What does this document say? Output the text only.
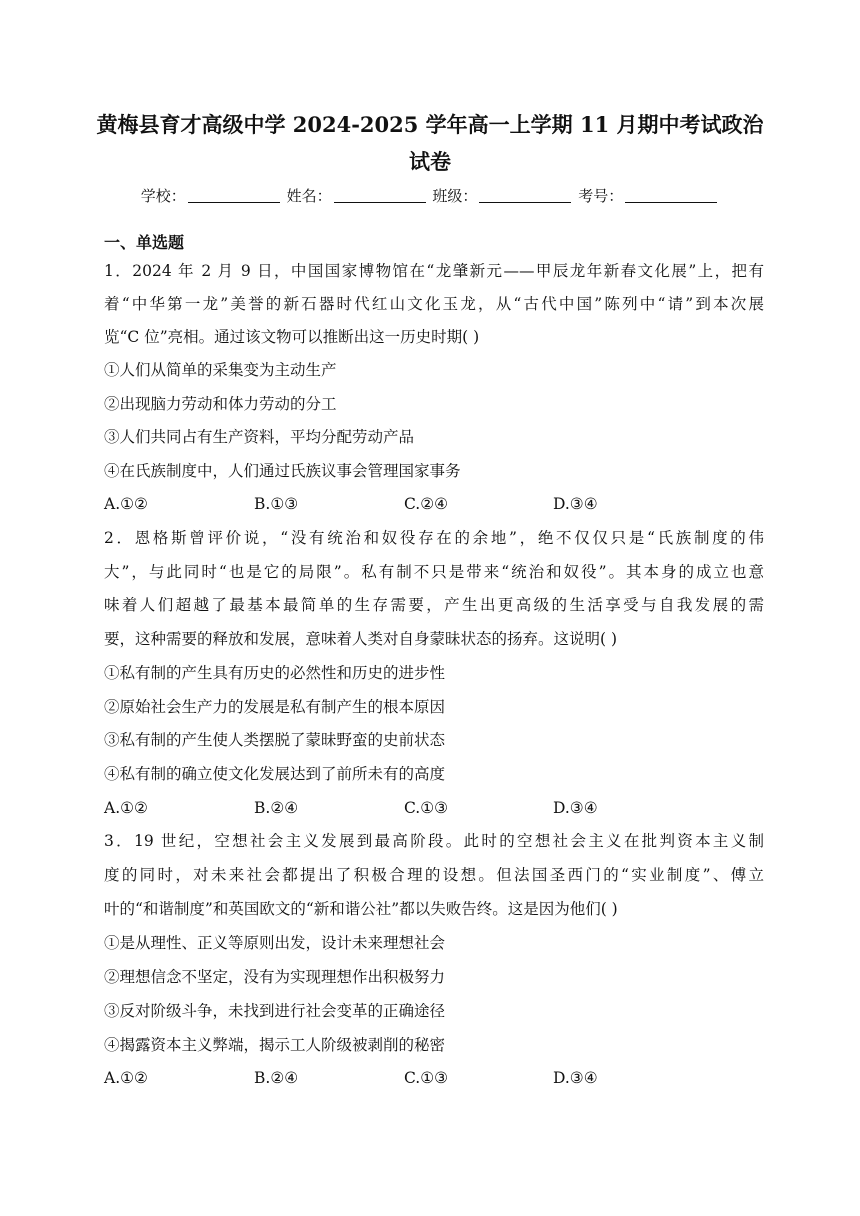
黄梅县育才高级中学 2024-2025 学年高一上学期 11 月期中考试政治
试卷
学校：	姓名：	班级：	考号：
一、单选题
1．2024 年 2 月 9 日，中国国家博物馆在“龙肇新元——甲辰龙年新春文化展”上，把有
着“中华第一龙”美誉的新石器时代红山文化玉龙，从“古代中国”陈列中“请”到本次展
览“C 位”亮相。通过该文物可以推断出这一历史时期( )
①人们从简单的采集变为主动生产
②出现脑力劳动和体力劳动的分工
③人们共同占有生产资料，平均分配劳动产品
④在氏族制度中，人们通过氏族议事会管理国家事务
A.①②	B.①③	C.②④	D.③④
2．恩格斯曾评价说，“没有统治和奴役存在的余地”，绝不仅仅只是“氏族制度的伟
大”，与此同时“也是它的局限”。私有制不只是带来“统治和奴役”。其本身的成立也意
味着人们超越了最基本最简单的生存需要，产生出更高级的生活享受与自我发展的需
要，这种需要的释放和发展，意味着人类对自身蒙昧状态的扬弃。这说明( )
①私有制的产生具有历史的必然性和历史的进步性
②原始社会生产力的发展是私有制产生的根本原因
③私有制的产生使人类摆脱了蒙昧野蛮的史前状态
④私有制的确立使文化发展达到了前所未有的高度
A.①②	B.②④	C.①③	D.③④
3．19 世纪，空想社会主义发展到最高阶段。此时的空想社会主义在批判资本主义制
度的同时，对未来社会都提出了积极合理的设想。但法国圣西门的“实业制度”、傅立
叶的“和谐制度”和英国欧文的“新和谐公社”都以失败告终。这是因为他们( )
①是从理性、正义等原则出发，设计未来理想社会
②理想信念不坚定，没有为实现理想作出积极努力
③反对阶级斗争，未找到进行社会变革的正确途径
④揭露资本主义弊端，揭示工人阶级被剥削的秘密
A.①②	B.②④	C.①③	D.③④
